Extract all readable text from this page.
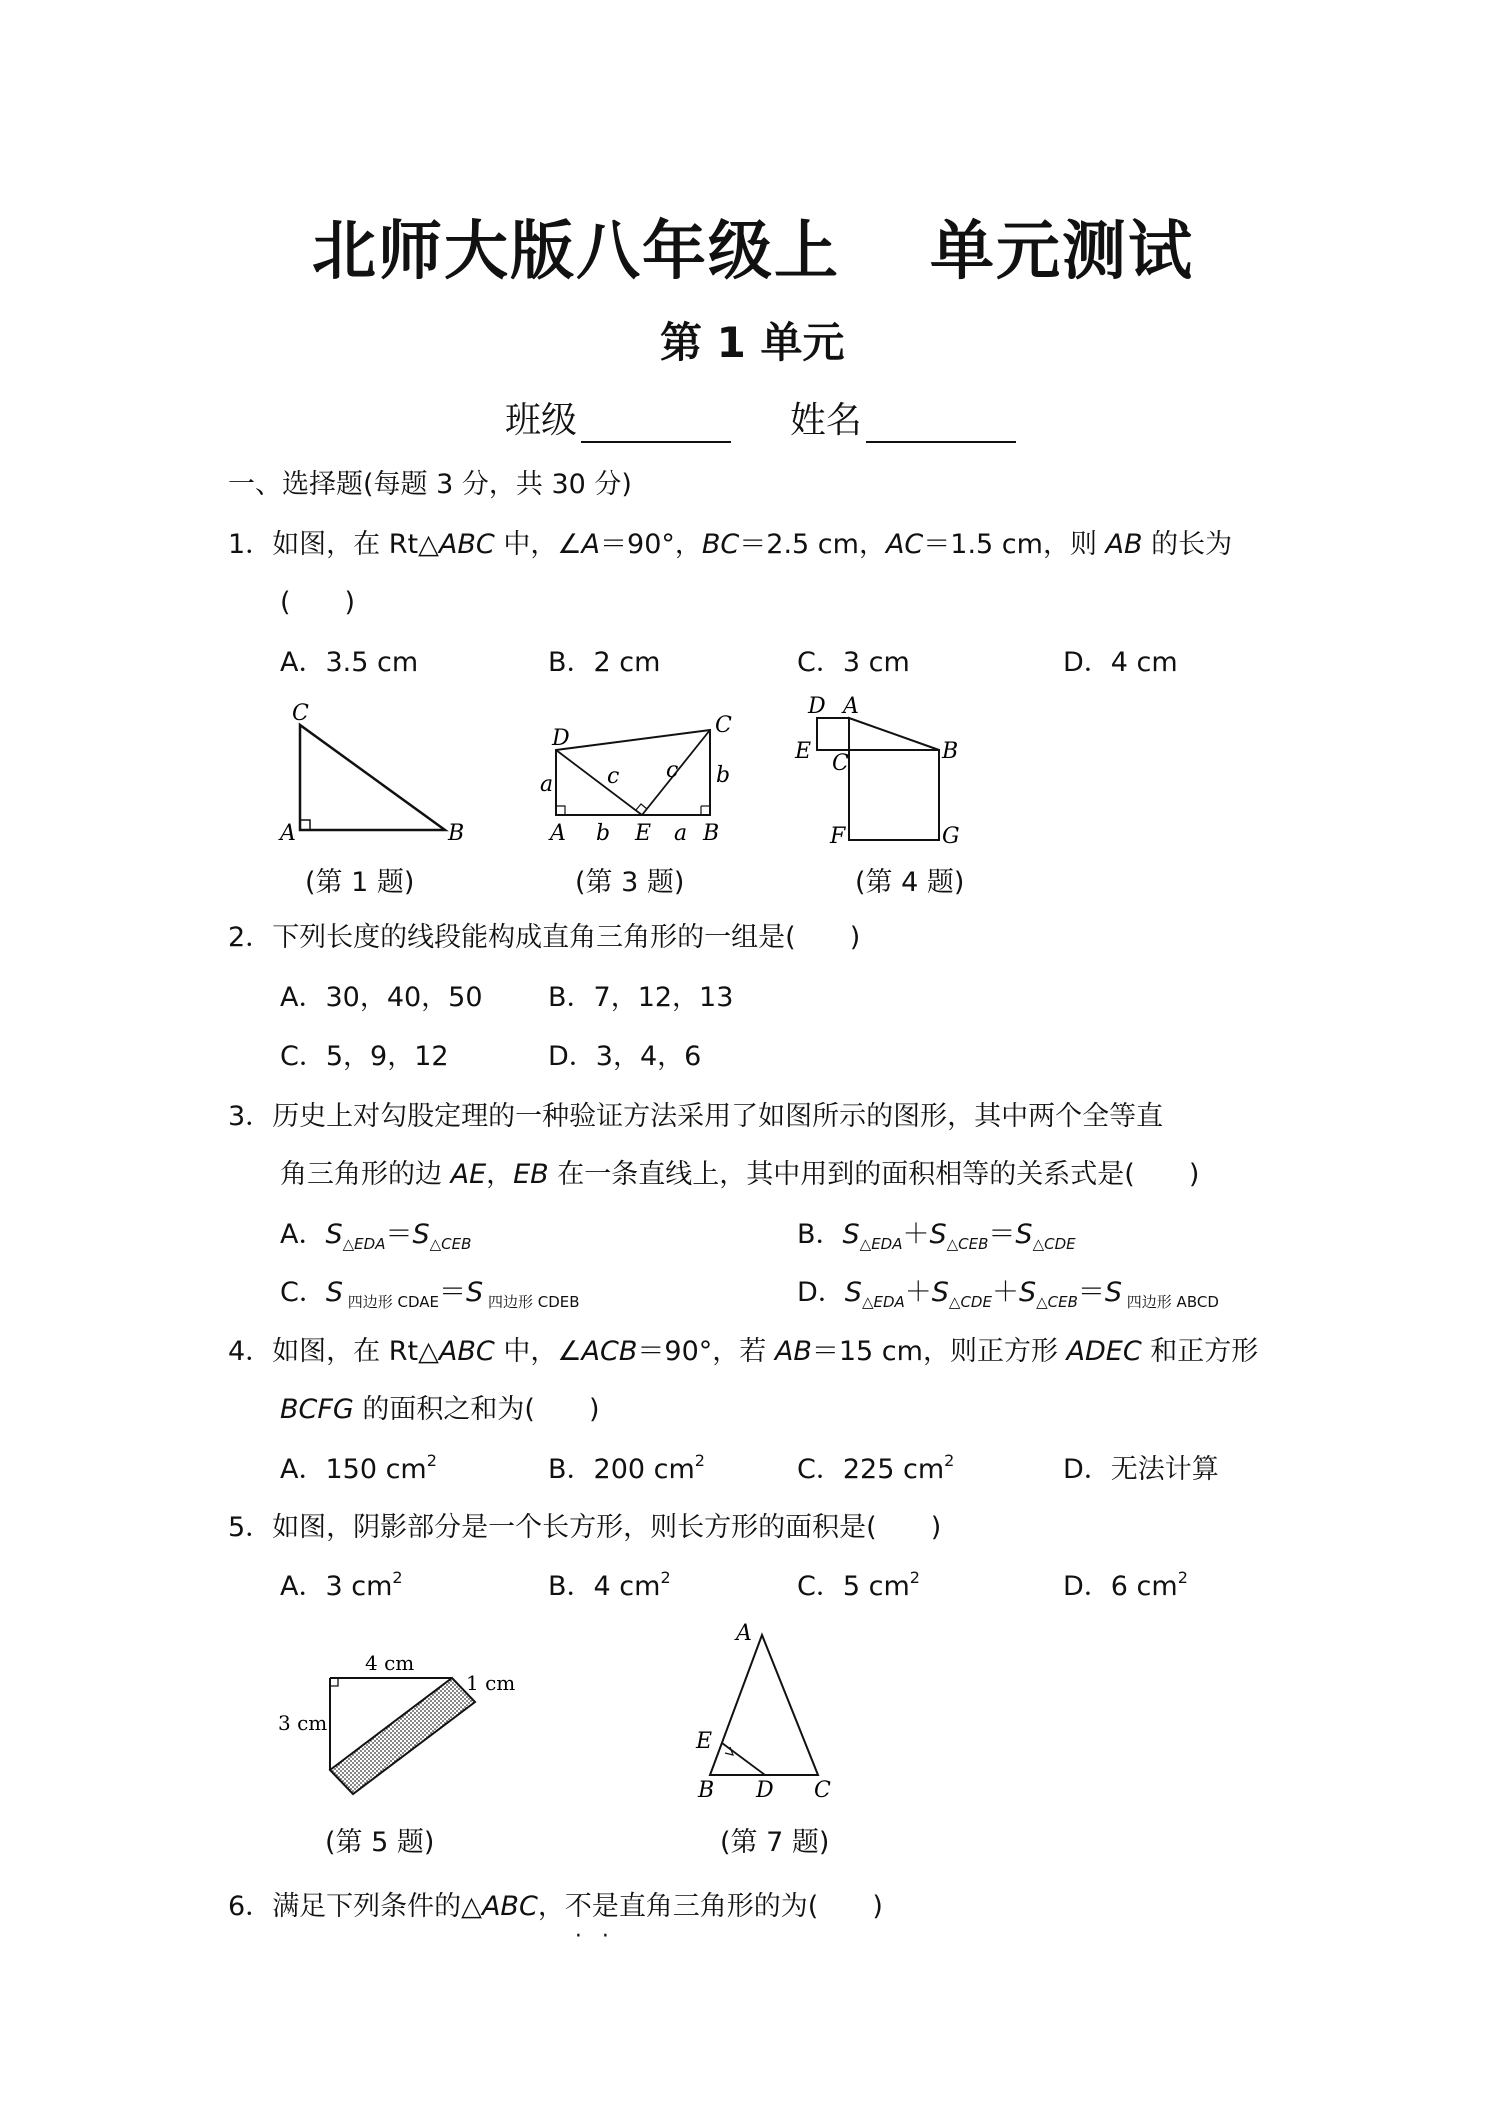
北师大版八年级上 单元测试
第 1 单元
班级	姓名
一、选择题(每题 3 分，共 30 分)
1．如图，在 Rt△ABC 中，∠A＝90°，BC＝2.5 cm，AC＝1.5 cm，则 AB 的长为
(　　)
A．3.5 cm	B．2 cm	C．3 cm	D．4 cm
C
A	B
D
C
a c c b
A b E a B
D A
E	B
C
F	G
(第 1 题)	(第 3 题)	(第 4 题)
2．下列长度的线段能构成直角三角形的一组是(　　)
A．30，40，50 B．7，12，13
C．5，9，12	D．3，4，6
3．历史上对勾股定理的一种验证方法采用了如图所示的图形，其中两个全等直
角三角形的边 AE，EB 在一条直线上，其中用到的面积相等的关系式是(　　)
A．$S_{\triangle EDA}=S_{\triangle CEB}$	B．$S_{\triangle EDA}+S_{\triangle CEB}=S_{\triangle CDE}$
C．S $_{四边形 CDAE}$＝S $_{四边形 CDEB}$	D．$S_{\triangle EDA}+S_{\triangle CDE}+S_{\triangle CEB}=S$ $_{四边形 ABCD}$
4．如图，在 Rt△ABC 中，∠ACB＝90°，若 AB＝15 cm，则正方形 ADEC 和正方形
BCFG 的面积之和为(　　)
A．150 $cm^2$	B．200 $cm^2$	C．225 $cm^2$	D．无法计算
5．如图，阴影部分是一个长方形，则长方形的面积是(　　)
A．3 $cm^2$	B．4 $cm^2$	C．5 $cm^2$	D．6 $cm^2$
4 cm
3 cm
1 cm
A
E
B D C
(第 5 题)	(第 7 题)
6．满足下列条件的△ABC，不是直角三角形的为(　　)
